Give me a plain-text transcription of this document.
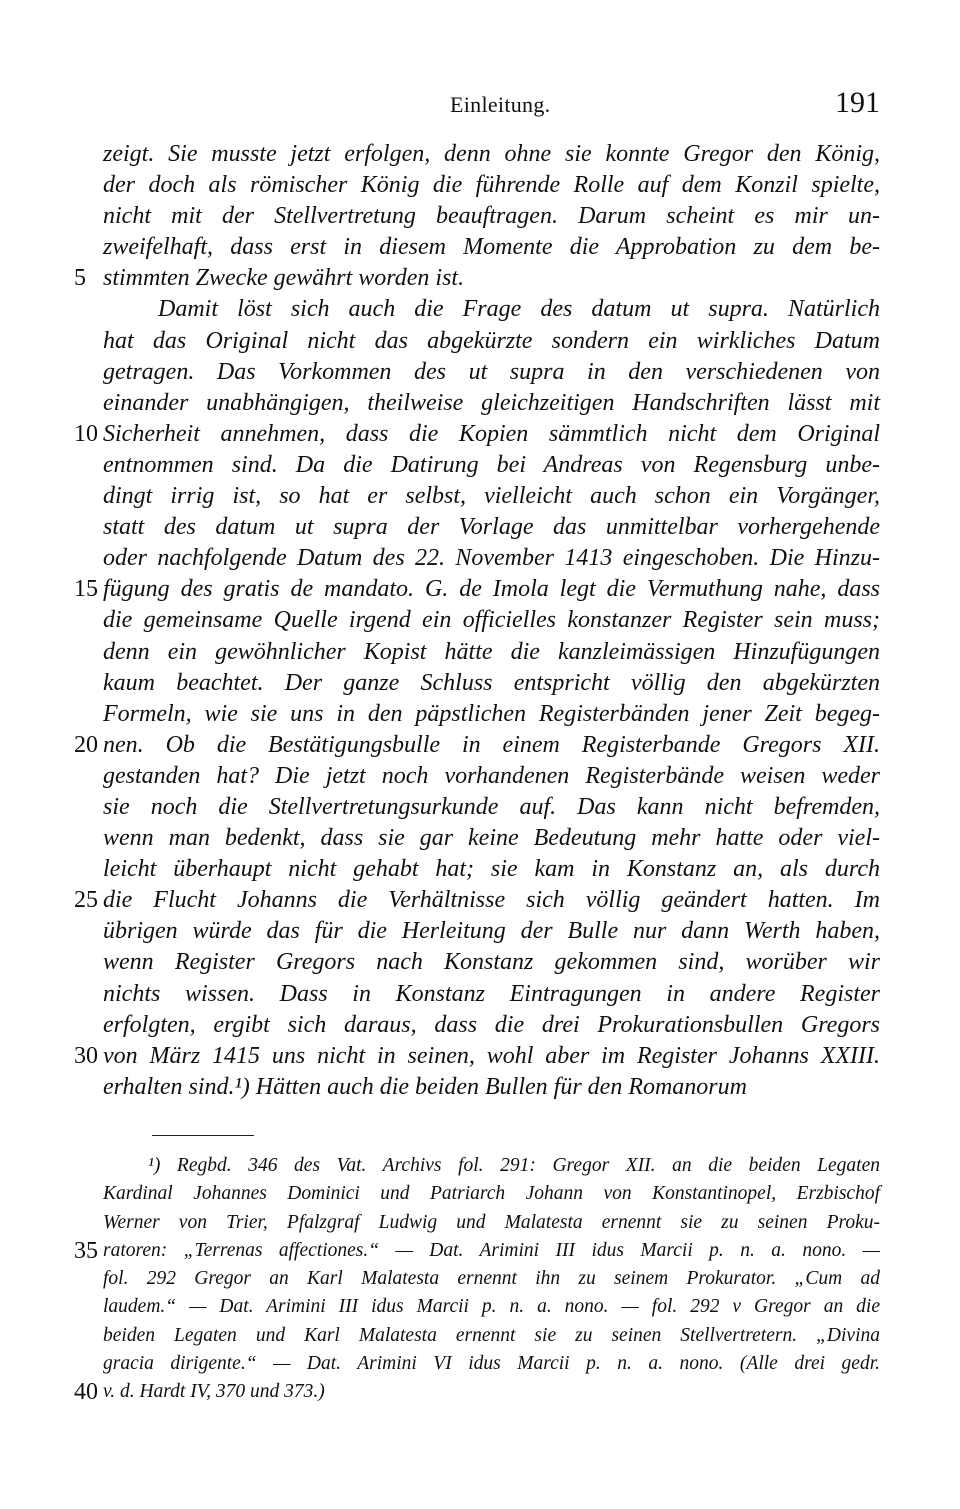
Einleitung.	191
zeigt. Sie musste jetzt erfolgen, denn ohne sie konnte Gregor den König,
der doch als römischer König die führende Rolle auf dem Konzil spielte,
nicht mit der Stellvertretung beauftragen. Darum scheint es mir un-
zweifelhaft, dass erst in diesem Momente die Approbation zu dem be-
5 stimmten Zwecke gewährt worden ist.
Damit löst sich auch die Frage des datum ut supra. Natürlich
hat das Original nicht das abgekürzte sondern ein wirkliches Datum
getragen. Das Vorkommen des ut supra in den verschiedenen von
einander unabhängigen, theilweise gleichzeitigen Handschriften lässt mit
10 Sicherheit annehmen, dass die Kopien sämmtlich nicht dem Original
entnommen sind. Da die Datirung bei Andreas von Regensburg unbe-
dingt irrig ist, so hat er selbst, vielleicht auch schon ein Vorgänger,
statt des datum ut supra der Vorlage das unmittelbar vorhergehende
oder nachfolgende Datum des 22. November 1413 eingeschoben. Die Hinzu-
15 fügung des gratis de mandato. G. de Imola legt die Vermuthung nahe, dass
die gemeinsame Quelle irgend ein officielles konstanzer Register sein muss;
denn ein gewöhnlicher Kopist hätte die kanzleimässigen Hinzufügungen
kaum beachtet. Der ganze Schluss entspricht völlig den abgekürzten
Formeln, wie sie uns in den päpstlichen Registerbänden jener Zeit begeg-
20 nen. Ob die Bestätigungsbulle in einem Registerbande Gregors XII.
gestanden hat? Die jetzt noch vorhandenen Registerbände weisen weder
sie noch die Stellvertretungsurkunde auf. Das kann nicht befremden,
wenn man bedenkt, dass sie gar keine Bedeutung mehr hatte oder viel-
leicht überhaupt nicht gehabt hat; sie kam in Konstanz an, als durch
25 die Flucht Johanns die Verhältnisse sich völlig geändert hatten. Im
übrigen würde das für die Herleitung der Bulle nur dann Werth haben,
wenn Register Gregors nach Konstanz gekommen sind, worüber wir
nichts wissen. Dass in Konstanz Eintragungen in andere Register
erfolgten, ergibt sich daraus, dass die drei Prokurationsbullen Gregors
30 von März 1415 uns nicht in seinen, wohl aber im Register Johanns XXIII.
erhalten sind.¹) Hätten auch die beiden Bullen für den Romanorum
¹) Regbd. 346 des Vat. Archivs fol. 291: Gregor XII. an die beiden Legaten
Kardinal Johannes Dominici und Patriarch Johann von Konstantinopel, Erzbischof
Werner von Trier, Pfalzgraf Ludwig und Malatesta ernennt sie zu seinen Proku-
35 ratoren: „Terrenas affectiones.“ — Dat. Arimini III idus Marcii p. n. a. nono. —
fol. 292 Gregor an Karl Malatesta ernennt ihn zu seinem Prokurator. „Cum ad
laudem.“ — Dat. Arimini III idus Marcii p. n. a. nono. — fol. 292 v Gregor an die
beiden Legaten und Karl Malatesta ernennt sie zu seinen Stellvertretern. „Divina
gracia dirigente.“ — Dat. Arimini VI idus Marcii p. n. a. nono. (Alle drei gedr.
40 v. d. Hardt IV, 370 und 373.)
